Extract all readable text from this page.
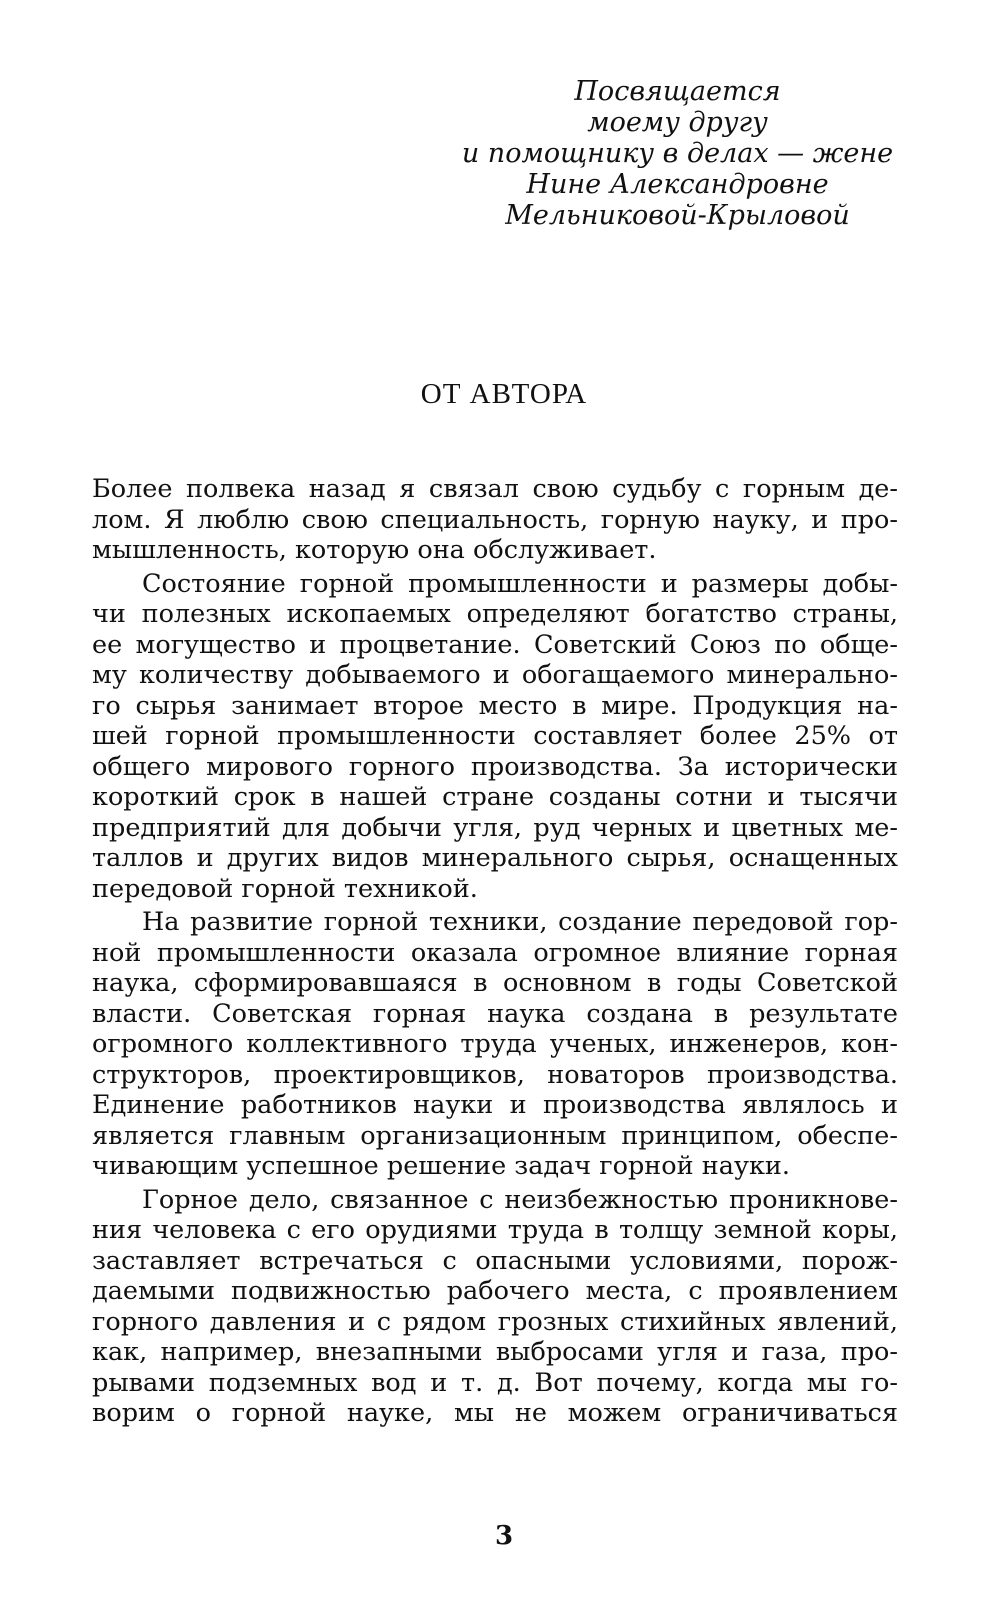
Посвящается
моему другу
и помощнику в делах — жене
Нине Александровне
Мельниковой-Крыловой
ОТ АВТОРА
Более полвека назад я связал свою судьбу с горным де-
лом. Я люблю свою специальность, горную науку, и про-
мышленность, которую она обслуживает.
Состояние горной промышленности и размеры добы-
чи полезных ископаемых определяют богатство страны,
ее могущество и процветание. Советский Союз по обще-
му количеству добываемого и обогащаемого минерально-
го сырья занимает второе место в мире. Продукция на-
шей горной промышленности составляет более 25% от
общего мирового горного производства. За исторически
короткий срок в нашей стране созданы сотни и тысячи
предприятий для добычи угля, руд черных и цветных ме-
таллов и других видов минерального сырья, оснащенных
передовой горной техникой.
На развитие горной техники, создание передовой гор-
ной промышленности оказала огромное влияние горная
наука, сформировавшаяся в основном в годы Советской
власти. Советская горная наука создана в результате
огромного коллективного труда ученых, инженеров, кон-
структоров, проектировщиков, новаторов производства.
Единение работников науки и производства являлось и
является главным организационным принципом, обеспе-
чивающим успешное решение задач горной науки.
Горное дело, связанное с неизбежностью проникнове-
ния человека с его орудиями труда в толщу земной коры,
заставляет встречаться с опасными условиями, порож-
даемыми подвижностью рабочего места, с проявлением
горного давления и с рядом грозных стихийных явлений,
как, например, внезапными выбросами угля и газа, про-
рывами подземных вод и т. д. Вот почему, когда мы го-
ворим о горной науке, мы не можем ограничиваться
3
